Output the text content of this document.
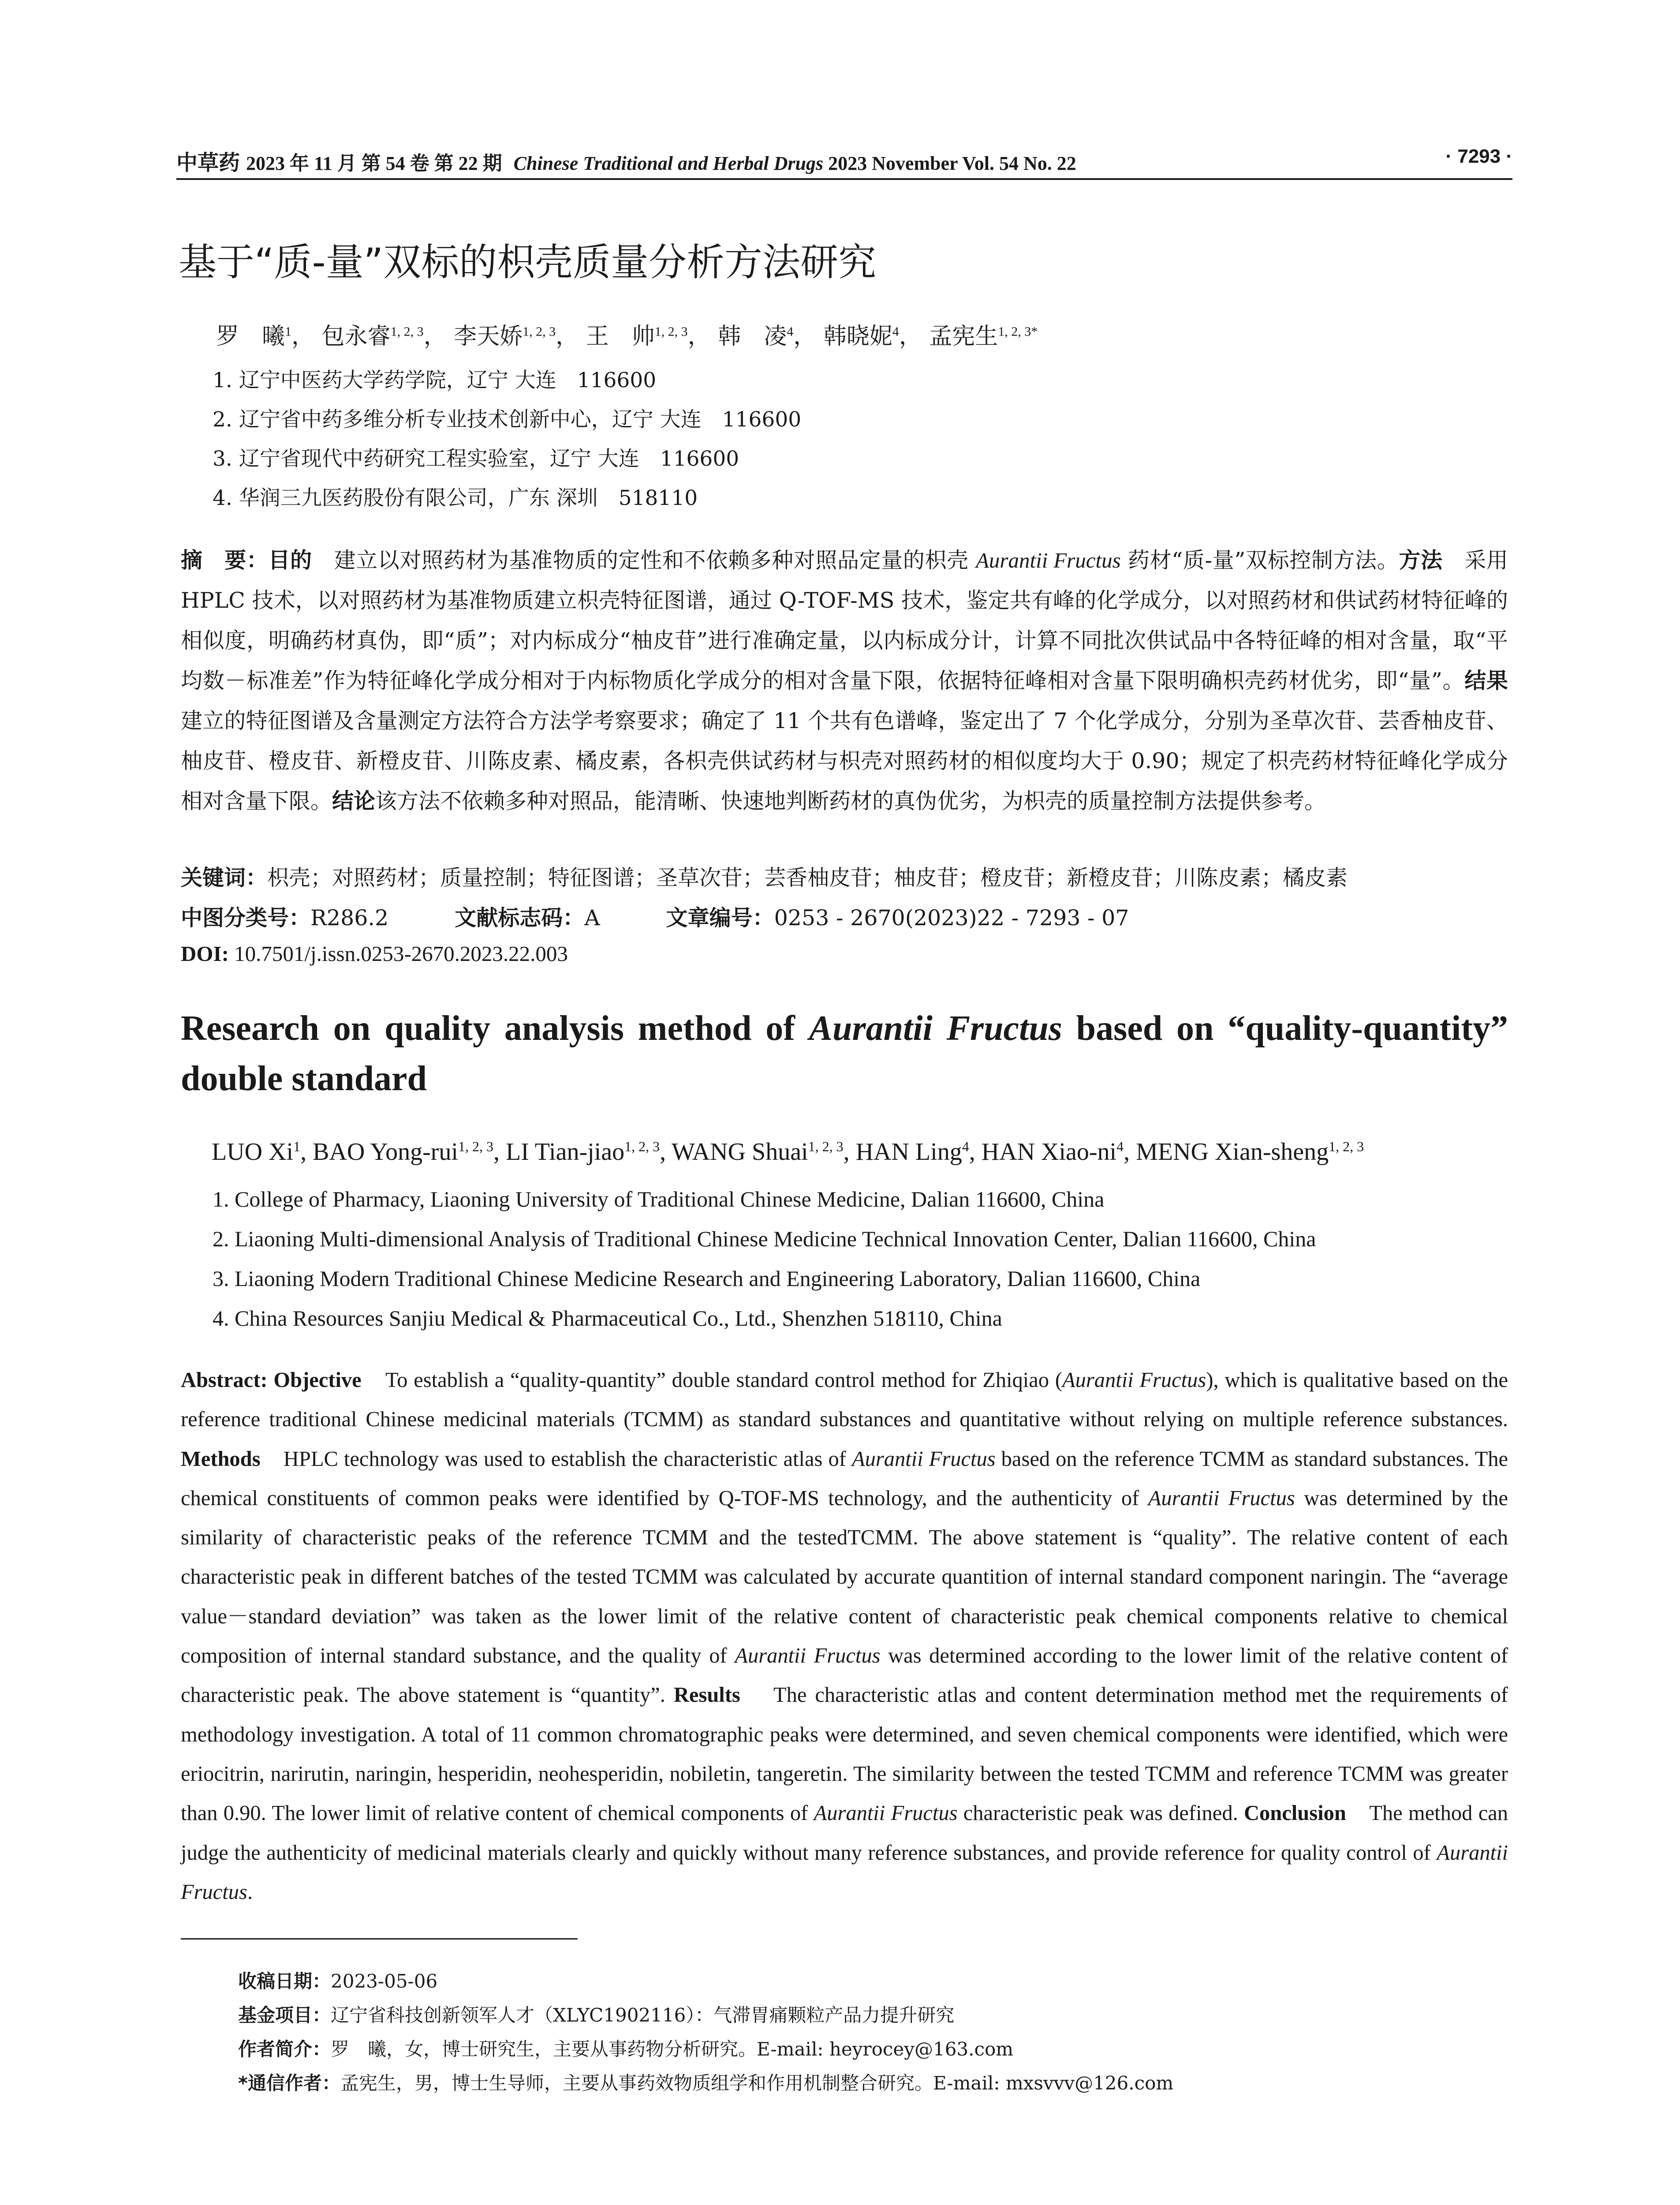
中草药 2023 年 11 月 第 54 卷 第 22 期 Chinese Traditional and Herbal Drugs 2023 November Vol. 54 No. 22	· 7293 ·
基于“质-量”双标的枳壳质量分析方法研究
罗　曦$^1$， 包永睿$^{1, 2, 3}$， 李天娇$^{1, 2, 3}$， 王　帅$^{1, 2, 3}$， 韩　凌$^4$， 韩晓妮$^4$， 孟宪生$^{1, 2, 3*}$
1. 辽宁中医药大学药学院，辽宁 大连　116600
2. 辽宁省中药多维分析专业技术创新中心，辽宁 大连　116600
3. 辽宁省现代中药研究工程实验室，辽宁 大连　116600
4. 华润三九医药股份有限公司，广东 深圳　518110
摘　要：目的　 建立以对照药材为基准物质的定性和不依赖多种对照品定量的枳壳 Aurantii Fructus 药材“质-量”双标控制方法。方法　 采用 HPLC 技术，以对照药材为基准物质建立枳壳特征图谱，通过 Q-TOF-MS 技术，鉴定共有峰的化学成分，以对照药材和供试药材特征峰的相似度，明确药材真伪，即“质”；对内标成分“柚皮苷”进行准确定量，以内标成分计，计算不同批次供试品中各特征峰的相对含量，取“平均数－标准差”作为特征峰化学成分相对于内标物质化学成分的相对含量下限，依据特征峰相对含量下限明确枳壳药材优劣，即“量”。结果　建立的特征图谱及含量测定方法符合方法学考察要求；确定了 11 个共有色谱峰，鉴定出了 7 个化学成分，分别为圣草次苷、芸香柚皮苷、柚皮苷、橙皮苷、新橙皮苷、川陈皮素、橘皮素，各枳壳供试药材与枳壳对照药材的相似度均大于 0.90；规定了枳壳药材特征峰化学成分相对含量下限。结论该方法不依赖多种对照品，能清晰、快速地判断药材的真伪优劣，为枳壳的质量控制方法提供参考。
关键词：枳壳；对照药材；质量控制；特征图谱；圣草次苷；芸香柚皮苷；柚皮苷；橙皮苷；新橙皮苷；川陈皮素；橘皮素
中图分类号：R286.2	文献标志码：A	文章编号：0253 - 2670(2023)22 - 7293 - 07
DOI: 10.7501/j.issn.0253-2670.2023.22.003
Research on quality analysis method of Aurantii Fructus based on “quality-quantity” double standard
LUO Xi$^1$, BAO Yong-rui$^{1, 2, 3}$, LI Tian-jiao$^{1, 2, 3}$, WANG Shuai$^{1, 2, 3}$, HAN Ling$^4$, HAN Xiao-$ni^4$, MENG Xian-sheng$^{1, 2, 3}$
1. College of Pharmacy, Liaoning University of Traditional Chinese Medicine, Dalian 116600, China
2. Liaoning Multi-dimensional Analysis of Traditional Chinese Medicine Technical Innovation Center, Dalian 116600, China
3. Liaoning Modern Traditional Chinese Medicine Research and Engineering Laboratory, Dalian 116600, China
4. China Resources Sanjiu Medical & Pharmaceutical Co., Ltd., Shenzhen 518110, China
Abstract: Objective To establish a “quality-quantity” double standard control method for Zhiqiao (Aurantii Fructus), which is qualitative based on the reference traditional Chinese medicinal materials (TCMM) as standard substances and quantitative without relying on multiple reference substances. Methods HPLC technology was used to establish the characteristic atlas of Aurantii Fructus based on the reference TCMM as standard substances. The chemical constituents of common peaks were identified by Q-TOF-MS technology, and the authenticity of Aurantii Fructus was determined by the similarity of characteristic peaks of the reference TCMM and the testedTCMM. The above statement is “quality”. The relative content of each characteristic peak in different batches of the tested TCMM was calculated by accurate quantition of internal standard component naringin. The “average value－standard deviation” was taken as the lower limit of the relative content of characteristic peak chemical components relative to chemical composition of internal standard substance, and the quality of Aurantii Fructus was determined according to the lower limit of the relative content of characteristic peak. The above statement is “quantity”. Results The characteristic atlas and content determination method met the requirements of methodology investigation. A total of 11 common chromatographic peaks were determined, and seven chemical components were identified, which were eriocitrin, narirutin, naringin, hesperidin, neohesperidin, nobiletin, tangeretin. The similarity between the tested TCMM and reference TCMM was greater than 0.90. The lower limit of relative content of chemical components of Aurantii Fructus characteristic peak was defined. Conclusion The method can judge the authenticity of medicinal materials clearly and quickly without many reference substances, and provide reference for quality control of Aurantii Fructus.
收稿日期：2023-05-06
基金项目：辽宁省科技创新领军人才（XLYC1902116）：气滞胃痛颗粒产品力提升研究
作者简介：罗　曦，女，博士研究生，主要从事药物分析研究。E-mail: heyrocey@163.com
*通信作者：孟宪生，男，博士生导师，主要从事药效物质组学和作用机制整合研究。E-mail: mxsvvv@126.com
